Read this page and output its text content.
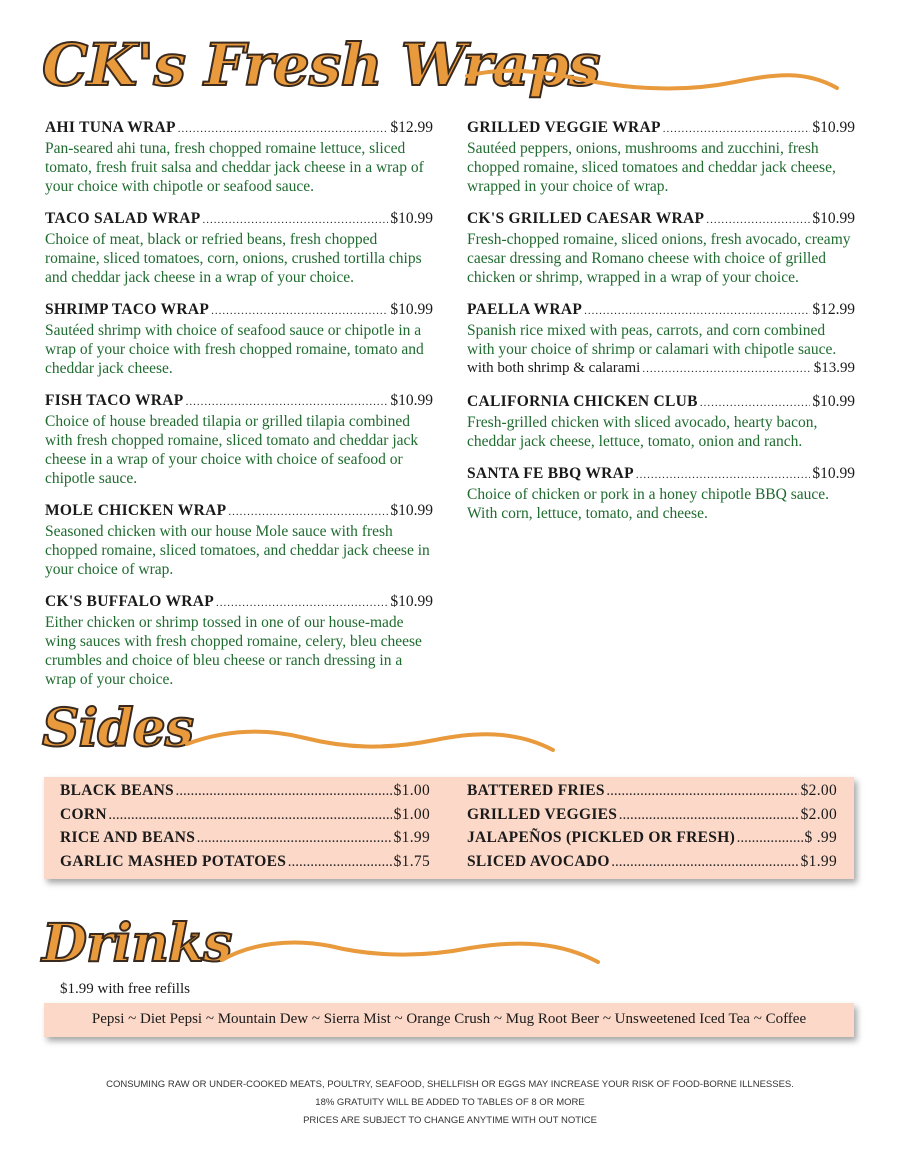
CK's Fresh Wraps
AHI TUNA WRAP .....	$12.99
Pan-seared ahi tuna, fresh chopped romaine lettuce, sliced tomato, fresh fruit salsa and cheddar jack cheese in a wrap of your choice with chipotle or seafood sauce.
TACO SALAD WRAP .....	$10.99
Choice of meat, black or refried beans, fresh chopped romaine, sliced tomatoes, corn, onions, crushed tortilla chips and cheddar jack cheese in a wrap of your choice.
SHRIMP TACO WRAP .....	$10.99
Sautéed shrimp with choice of seafood sauce or chipotle in a wrap of your choice with fresh chopped romaine, tomato and cheddar jack cheese.
FISH TACO WRAP .....	$10.99
Choice of house breaded tilapia or grilled tilapia combined with fresh chopped romaine, sliced tomato and cheddar jack cheese in a wrap of your choice with choice of seafood or chipotle sauce.
MOLE CHICKEN WRAP .....	$10.99
Seasoned chicken with our house Mole sauce with fresh chopped romaine, sliced tomatoes, and cheddar jack cheese in your choice of wrap.
CK'S BUFFALO WRAP .....	$10.99
Either chicken or shrimp tossed in one of our house-made wing sauces with fresh chopped romaine, celery, bleu cheese crumbles and choice of bleu cheese or ranch dressing in a wrap of your choice.
GRILLED VEGGIE WRAP .....	$10.99
Sautéed peppers, onions, mushrooms and zucchini, fresh chopped romaine, sliced tomatoes and cheddar jack cheese, wrapped in your choice of wrap.
CK'S GRILLED CAESAR WRAP .....	$10.99
Fresh-chopped romaine, sliced onions, fresh avocado, creamy caesar dressing and Romano cheese with choice of grilled chicken or shrimp, wrapped in a wrap of your choice.
PAELLA WRAP .....	$12.99
Spanish rice mixed with peas, carrots, and corn combined with your choice of shrimp or calamari with chipotle sauce.
with both shrimp & calarami .....	$13.99
CALIFORNIA CHICKEN CLUB .....	$10.99
Fresh-grilled chicken with sliced avocado, hearty bacon, cheddar jack cheese, lettuce, tomato, onion and ranch.
SANTA FE BBQ WRAP .....	$10.99
Choice of chicken or pork in a honey chipotle BBQ sauce. With corn, lettuce, tomato, and cheese.
Sides
BLACK BEANS .....	$1.00
CORN .....	$1.00
RICE AND BEANS .....	$1.99
GARLIC MASHED POTATOES .....	$1.75
BATTERED FRIES .....	$2.00
GRILLED VEGGIES .....	$2.00
JALAPEÑOS (PICKLED OR FRESH) .....	$ .99
SLICED AVOCADO .....	$1.99
Drinks
$1.99 with free refills
Pepsi ~ Diet Pepsi ~ Mountain Dew ~ Sierra Mist ~ Orange Crush ~ Mug Root Beer ~ Unsweetened Iced Tea ~ Coffee
CONSUMING RAW OR UNDER-COOKED MEATS, POULTRY, SEAFOOD, SHELLFISH OR EGGS MAY INCREASE YOUR RISK OF FOOD-BORNE ILLNESSES.
18% GRATUITY WILL BE ADDED TO TABLES OF 8 OR MORE
PRICES ARE SUBJECT TO CHANGE ANYTIME WITH OUT NOTICE
